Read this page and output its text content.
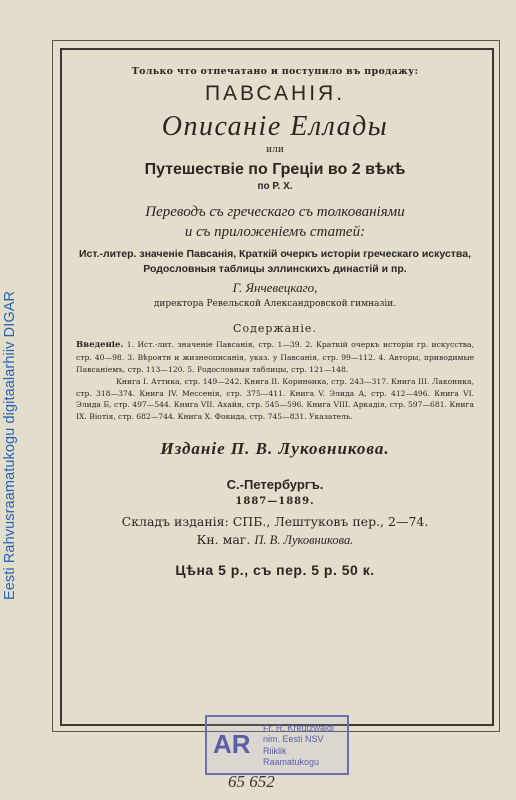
Eesti Rahvusraamatukogu digitaalarhiiv DIGAR

Только что отпечатано и поступило въ продажу:

ПАВСАНІЯ.

Описаніе Еллады

или

Путешествіе по Греціи во 2 вѣкѣ

по Р. X.

Переводъ съ греческаго съ толкованіями

и съ приложеніемъ статей:

Ист.-литер. значеніе Павсанія, Краткій очеркъ исторіи греческаго искуства, Родословныя таблицы эллинскихъ династій и пр.

Г. Янчевецкаго,

директора Ревельской Александровской гимназіи.

Содержаніе.

Введеніе. 1. Ист.-лит. значеніе Павсанія, стр. 1—39. 2. Краткій очеркъ исторіи гр. искусства, стр. 40—98. 3. Вѣроятн и жизнеописанія, указ. у Павсанія, стр. 99—112. 4. Авторы, приводимые Павсаніемъ, стр. 113—120. 5. Родословныя таблицы, стр. 121—148.

Книга I. Аттика, стр. 149—242. Книга II. Коринѳика, стр. 243—317. Книга III. Лаконика, стр. 318—374. Книга IV. Мессенія, стр. 375—411. Книга V. Элида А, стр. 412—496. Книга VI. Элида Б, стр. 497—544. Книга VII. Ахайя, стр. 545—596. Книга VIII. Аркадія, стр. 597—681. Книга IX. Віотія, стр. 682—744. Книга X. Фокида, стр. 745—831. Указатель.

Изданіе П. В. Луковникова.

С.-Петербургъ.

1887—1889.

Складъ изданія: СПБ., Лештуковъ пер., 2—74.

Кн. маг. П. В. Луковникова.

Цѣна 5 р., съ пер. 5 р. 50 к.

AR
Fr. R. Kreutzwaldi
nim. Eesti NSV
Riiklik
Raamatukogu
65 652
